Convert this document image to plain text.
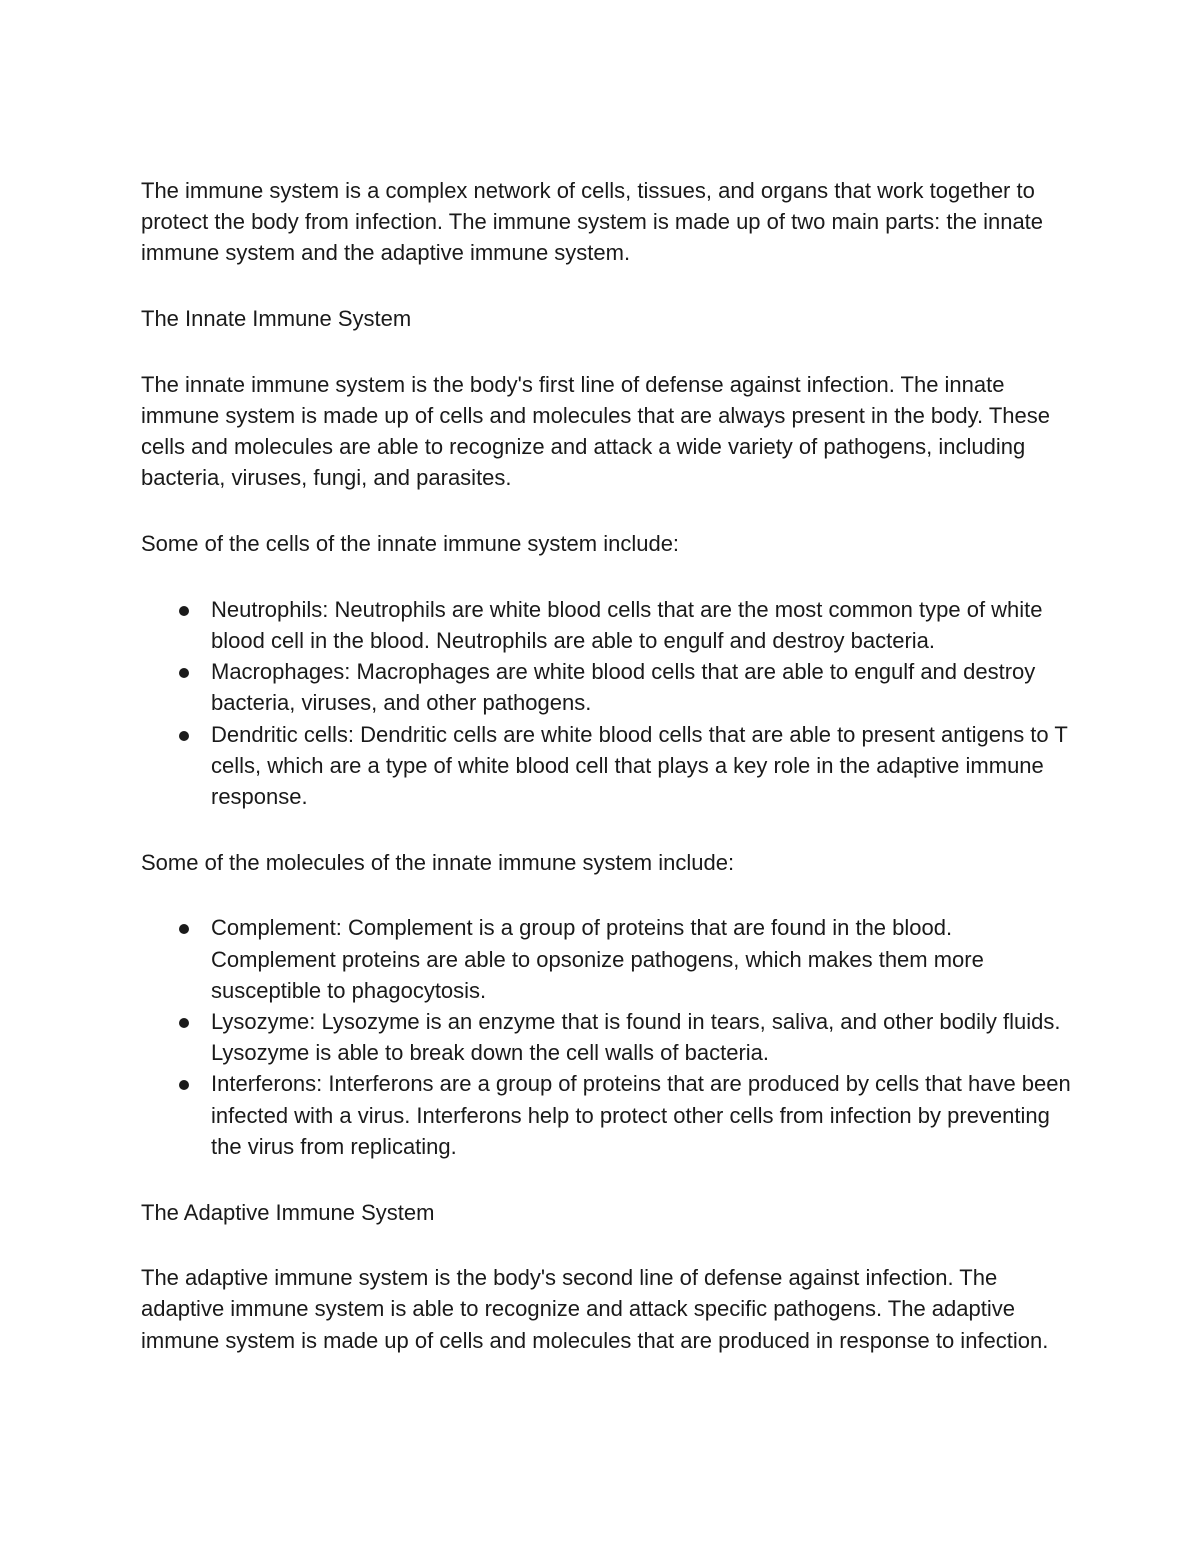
The immune system is a complex network of cells, tissues, and organs that work together to protect the body from infection. The immune system is made up of two main parts: the innate immune system and the adaptive immune system.

The Innate Immune System

The innate immune system is the body's first line of defense against infection. The innate immune system is made up of cells and molecules that are always present in the body. These cells and molecules are able to recognize and attack a wide variety of pathogens, including bacteria, viruses, fungi, and parasites.

Some of the cells of the innate immune system include:

Neutrophils: Neutrophils are white blood cells that are the most common type of white blood cell in the blood. Neutrophils are able to engulf and destroy bacteria.
Macrophages: Macrophages are white blood cells that are able to engulf and destroy bacteria, viruses, and other pathogens.
Dendritic cells: Dendritic cells are white blood cells that are able to present antigens to T cells, which are a type of white blood cell that plays a key role in the adaptive immune response.

Some of the molecules of the innate immune system include:

Complement: Complement is a group of proteins that are found in the blood. Complement proteins are able to opsonize pathogens, which makes them more susceptible to phagocytosis.
Lysozyme: Lysozyme is an enzyme that is found in tears, saliva, and other bodily fluids. Lysozyme is able to break down the cell walls of bacteria.
Interferons: Interferons are a group of proteins that are produced by cells that have been infected with a virus. Interferons help to protect other cells from infection by preventing the virus from replicating.

The Adaptive Immune System

The adaptive immune system is the body's second line of defense against infection. The adaptive immune system is able to recognize and attack specific pathogens. The adaptive immune system is made up of cells and molecules that are produced in response to infection.
